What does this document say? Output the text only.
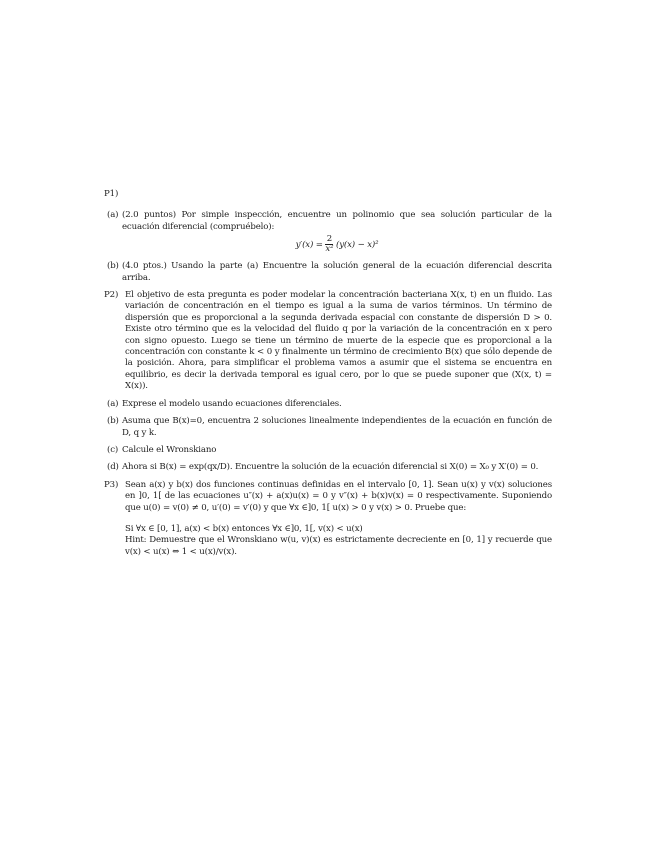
P1)
(a) (2.0 puntos) Por simple inspección, encuentre un polinomio que sea solución particular de la ecuación diferencial (compruébelo):
$y'(x) = \frac{2}{\text{x²}} (y(x) - x)^2$
(b) (4.0 ptos.) Usando la parte (a) Encuentre la solución general de la ecuación diferencial descrita arriba.
P2) El objetivo de esta pregunta es poder modelar la concentración bacteriana X(x, t) en un fluido. Las variación de concentración en el tiempo es igual a la suma de varios términos. Un término de dispersión que es proporcional a la segunda derivada espacial con constante de dispersión D > 0. Existe otro término que es la velocidad del fluido q por la variación de la concentración en x pero con signo opuesto. Luego se tiene un término de muerte de la especie que es proporcional a la concentración con constante k < 0 y finalmente un término de crecimiento B(x) que sólo depende de la posición. Ahora, para simplificar el problema vamos a asumir que el sistema se encuentra en equilibrio, es decir la derivada temporal es igual cero, por lo que se puede suponer que (X(x, t) = X(x)).
(a) Exprese el modelo usando ecuaciones diferenciales.
(b) Asuma que B(x)=0, encuentra 2 soluciones linealmente independientes de la ecuación en función de D, q y k.
(c) Calcule el Wronskiano
(d) Ahora si B(x) = exp(qx/D). Encuentre la solución de la ecuación diferencial si X(0) = X₀ y X′(0) = 0.
P3) Sean a(x) y b(x) dos funciones continuas definidas en el intervalo [0, 1]. Sean u(x) y v(x) soluciones en ]0, 1[ de las ecuaciones u″(x) + a(x)u(x) = 0 y v″(x) + b(x)v(x) = 0 respectivamente. Suponiendo que u(0) = v(0) ≠ 0, u′(0) = v′(0) y que ∀x ∈]0, 1[ u(x) > 0 y v(x) > 0. Pruebe que:

Si ∀x ∈ [0, 1], a(x) < b(x) entonces ∀x ∈]0, 1[, v(x) < u(x)

Hint: Demuestre que el Wronskiano w(u, v)(x) es estrictamente decreciente en [0, 1] y recuerde que v(x) < u(x) ⇔ 1 < u(x)/v(x).
